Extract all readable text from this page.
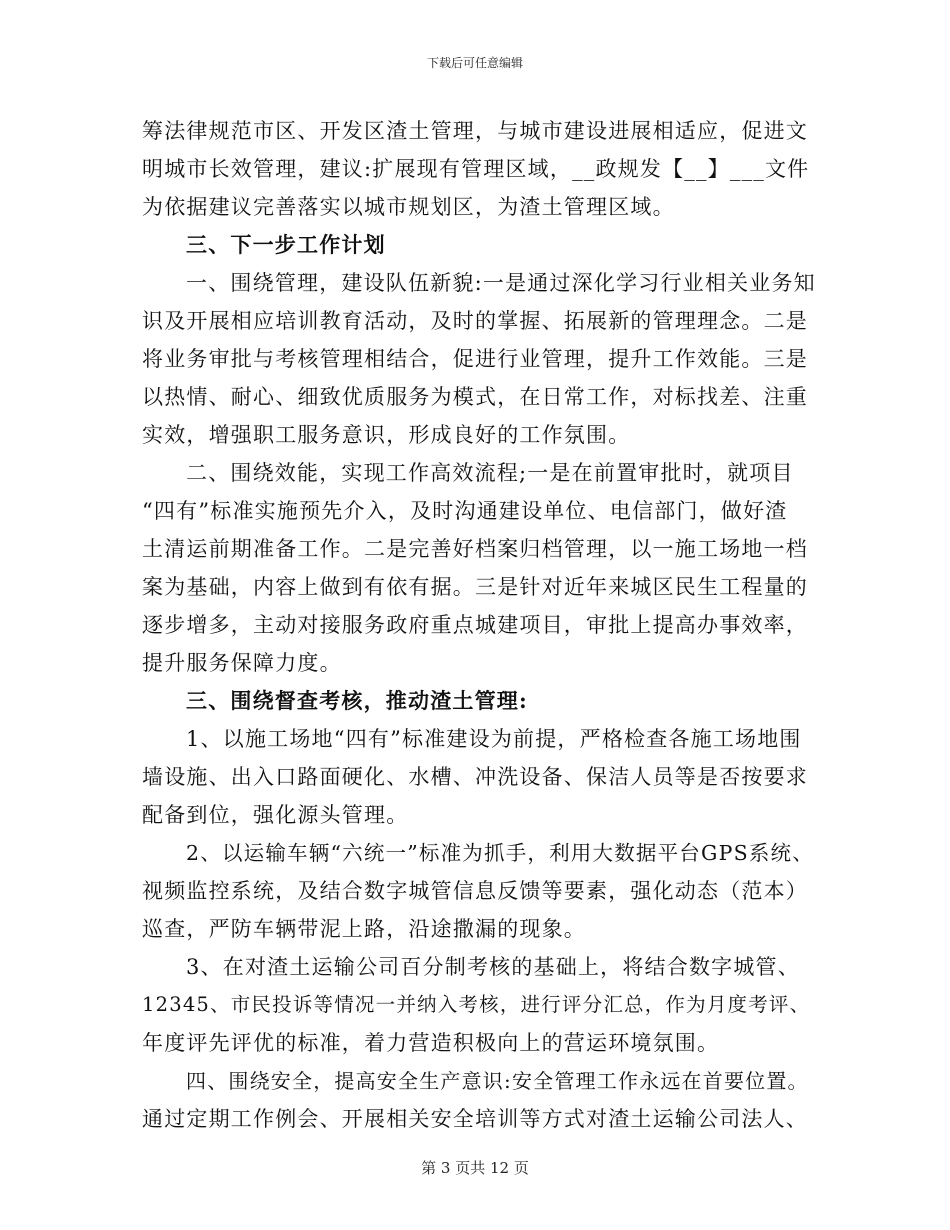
下载后可任意编辑
筹法律规范市区、开发区渣土管理，与城市建设进展相适应，促进文
明城市长效管理，建议:扩展现有管理区域，__政规发【__】___文件
为依据建议完善落实以城市规划区，为渣土管理区域。
三、下一步工作计划
一、围绕管理，建设队伍新貌:一是通过深化学习行业相关业务知
识及开展相应培训教育活动，及时的掌握、拓展新的管理理念。二是
将业务审批与考核管理相结合，促进行业管理，提升工作效能。三是
以热情、耐心、细致优质服务为模式，在日常工作，对标找差、注重
实效，增强职工服务意识，形成良好的工作氛围。
二、围绕效能，实现工作高效流程;一是在前置审批时，就项目
“四有”标准实施预先介入，及时沟通建设单位、电信部门，做好渣
土清运前期准备工作。二是完善好档案归档管理，以一施工场地一档
案为基础，内容上做到有依有据。三是针对近年来城区民生工程量的
逐步增多，主动对接服务政府重点城建项目，审批上提高办事效率，
提升服务保障力度。
三、围绕督查考核，推动渣土管理:
1、以施工场地“四有”标准建设为前提，严格检查各施工场地围
墙设施、出入口路面硬化、水槽、冲洗设备、保洁人员等是否按要求
配备到位，强化源头管理。
2、以运输车辆“六统一”标准为抓手，利用大数据平台GPS系统、
视频监控系统，及结合数字城管信息反馈等要素，强化动态（范本）
巡查，严防车辆带泥上路，沿途撒漏的现象。
3、在对渣土运输公司百分制考核的基础上，将结合数字城管、
12345、市民投诉等情况一并纳入考核，进行评分汇总，作为月度考评、
年度评先评优的标准，着力营造积极向上的营运环境氛围。
四、围绕安全，提高安全生产意识:安全管理工作永远在首要位置。
通过定期工作例会、开展相关安全培训等方式对渣土运输公司法人、
第 3 页共 12 页
